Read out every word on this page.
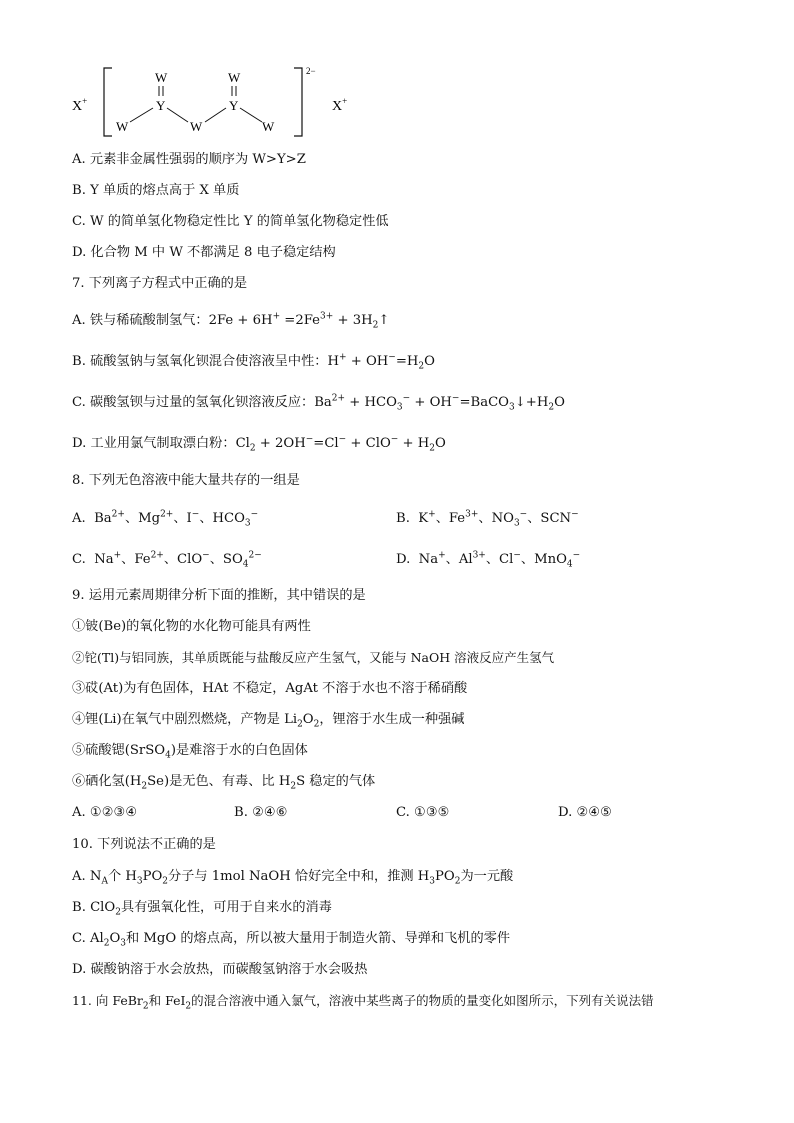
X+
W
Y
W
Y
W	W	W
2−
X+
A. 元素非金属性强弱的顺序为 W>Y>Z
B. Y 单质的熔点高于 X 单质
C. W 的简单氢化物稳定性比 Y 的简单氢化物稳定性低
D. 化合物 M 中 W 不都满足 8 电子稳定结构
7. 下列离子方程式中正确的是
A. 铁与稀硫酸制氢气：$2Fe + 6H^+ =2Fe^{3+}$ + $3H_2↑$
B. 硫酸氢钠与氢氧化钡混合使溶液呈中性：$H^+ + OH^-=H_2O$
C. 碳酸氢钡与过量的氢氧化钡溶液反应：$Ba^{2+} + HCO_3^-$ + $OH^-=BaCO_3↓+H_2O$
D. 工业用氯气制取漂白粉：$Cl_2 + 2OH^-=Cl^- + ClO^- + H_2O$
8. 下列无色溶液中能大量共存的一组是
A.  $Ba^{2+}$、$Mg^{2+}$、I−、$HCO_3^-$	B.  K+、$Fe^{3+}$、$NO_3^-$、SCN−
C.  Na+、$Fe^{2+}$、ClO−、$SO_4^{2-}$	D.  Na+、$Al^{3+}$、Cl−、MnO$_4$−
9. 运用元素周期律分析下面的推断，其中错误的是
①铍(Be)的氧化物的水化物可能具有两性
②铊(Tl)与铝同族，其单质既能与盐酸反应产生氢气，又能与 NaOH 溶液反应产生氢气
③砹(At)为有色固体，HAt 不稳定，AgAt 不溶于水也不溶于稀硝酸
④锂(Li)在氧气中剧烈燃烧，产物是 $Li_2O_2$，锂溶于水生成一种强碱
⑤硫酸锶(SrSO$_4$)是难溶于水的白色固体
⑥硒化氢$(H_2Se)$是无色、有毒、比 $H_2S$ 稳定的气体
A. ①②③④	B. ②④⑥	C. ①③⑤	D. ②④⑤
10. 下列说法不正确的是
A. $N_A$个 $H_3PO_2$分子与 1mol NaOH 恰好完全中和，推测 $H_3PO_2$为一元酸
B. ClO$_2$具有强氧化性，可用于自来水的消毒
C. $Al_2O_3$和 MgO 的熔点高，所以被大量用于制造火箭、导弹和飞机的零件
D. 碳酸钠溶于水会放热，而碳酸氢钠溶于水会吸热
11. 向 FeBr$_2$和 FeI$_2$的混合溶液中通入氯气，溶液中某些离子的物质的量变化如图所示，下列有关说法错
